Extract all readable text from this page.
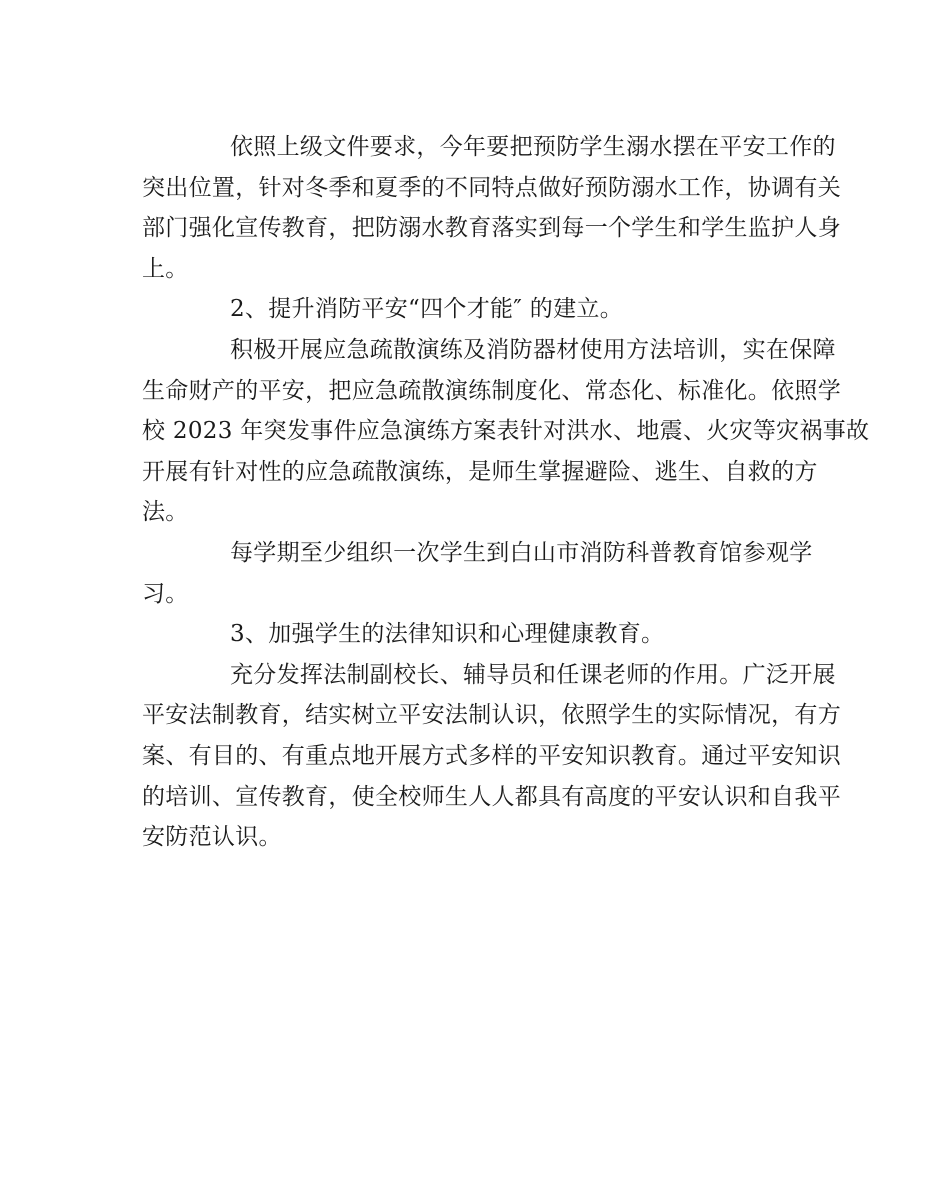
依照上级文件要求，今年要把预防学生溺水摆在平安工作的
突出位置，针对冬季和夏季的不同特点做好预防溺水工作，协调有关
部门强化宣传教育，把防溺水教育落实到每一个学生和学生监护人身
上。
2、提升消防平安“四个才能″ 的建立。
积极开展应急疏散演练及消防器材使用方法培训，实在保障
生命财产的平安，把应急疏散演练制度化、常态化、标准化。依照学
校 2023 年突发事件应急演练方案表针对洪水、地震、火灾等灾祸事故
开展有针对性的应急疏散演练，是师生掌握避险、逃生、自救的方
法。
每学期至少组织一次学生到白山市消防科普教育馆参观学
习。
3、加强学生的法律知识和心理健康教育。
充分发挥法制副校长、辅导员和任课老师的作用。广泛开展
平安法制教育，结实树立平安法制认识，依照学生的实际情况，有方
案、有目的、有重点地开展方式多样的平安知识教育。通过平安知识
的培训、宣传教育，使全校师生人人都具有高度的平安认识和自我平
安防范认识。
